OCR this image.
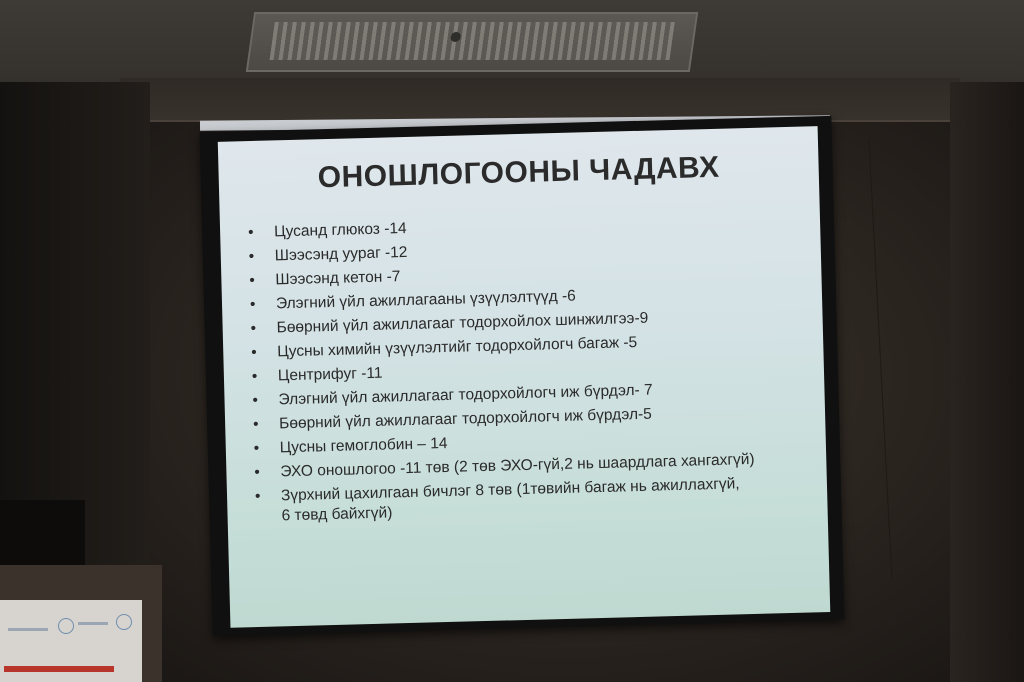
ОНОШЛОГООНЫ ЧАДАВХ
• Цусанд глюкоз -14
• Шээсэнд уураг -12
• Шээсэнд кетон -7
• Элэгний үйл ажиллагааны үзүүлэлтүүд -6
• Бөөрний үйл ажиллагааг тодорхойлох шинжилгээ-9
• Цусны химийн үзүүлэлтийг тодорхойлогч багаж -5
• Центрифуг -11
• Элэгний үйл ажиллагааг тодорхойлогч иж бүрдэл- 7
• Бөөрний үйл ажиллагааг тодорхойлогч иж бүрдэл-5
• Цусны гемоглобин – 14
• ЭХО оношлогоо -11 төв (2 төв ЭХО-гүй,2 нь шаардлага хангахгүй)
• Зүрхний цахилгаан бичлэг 8 төв (1төвийн багаж нь ажиллахгүй,
6 төвд байхгүй)
